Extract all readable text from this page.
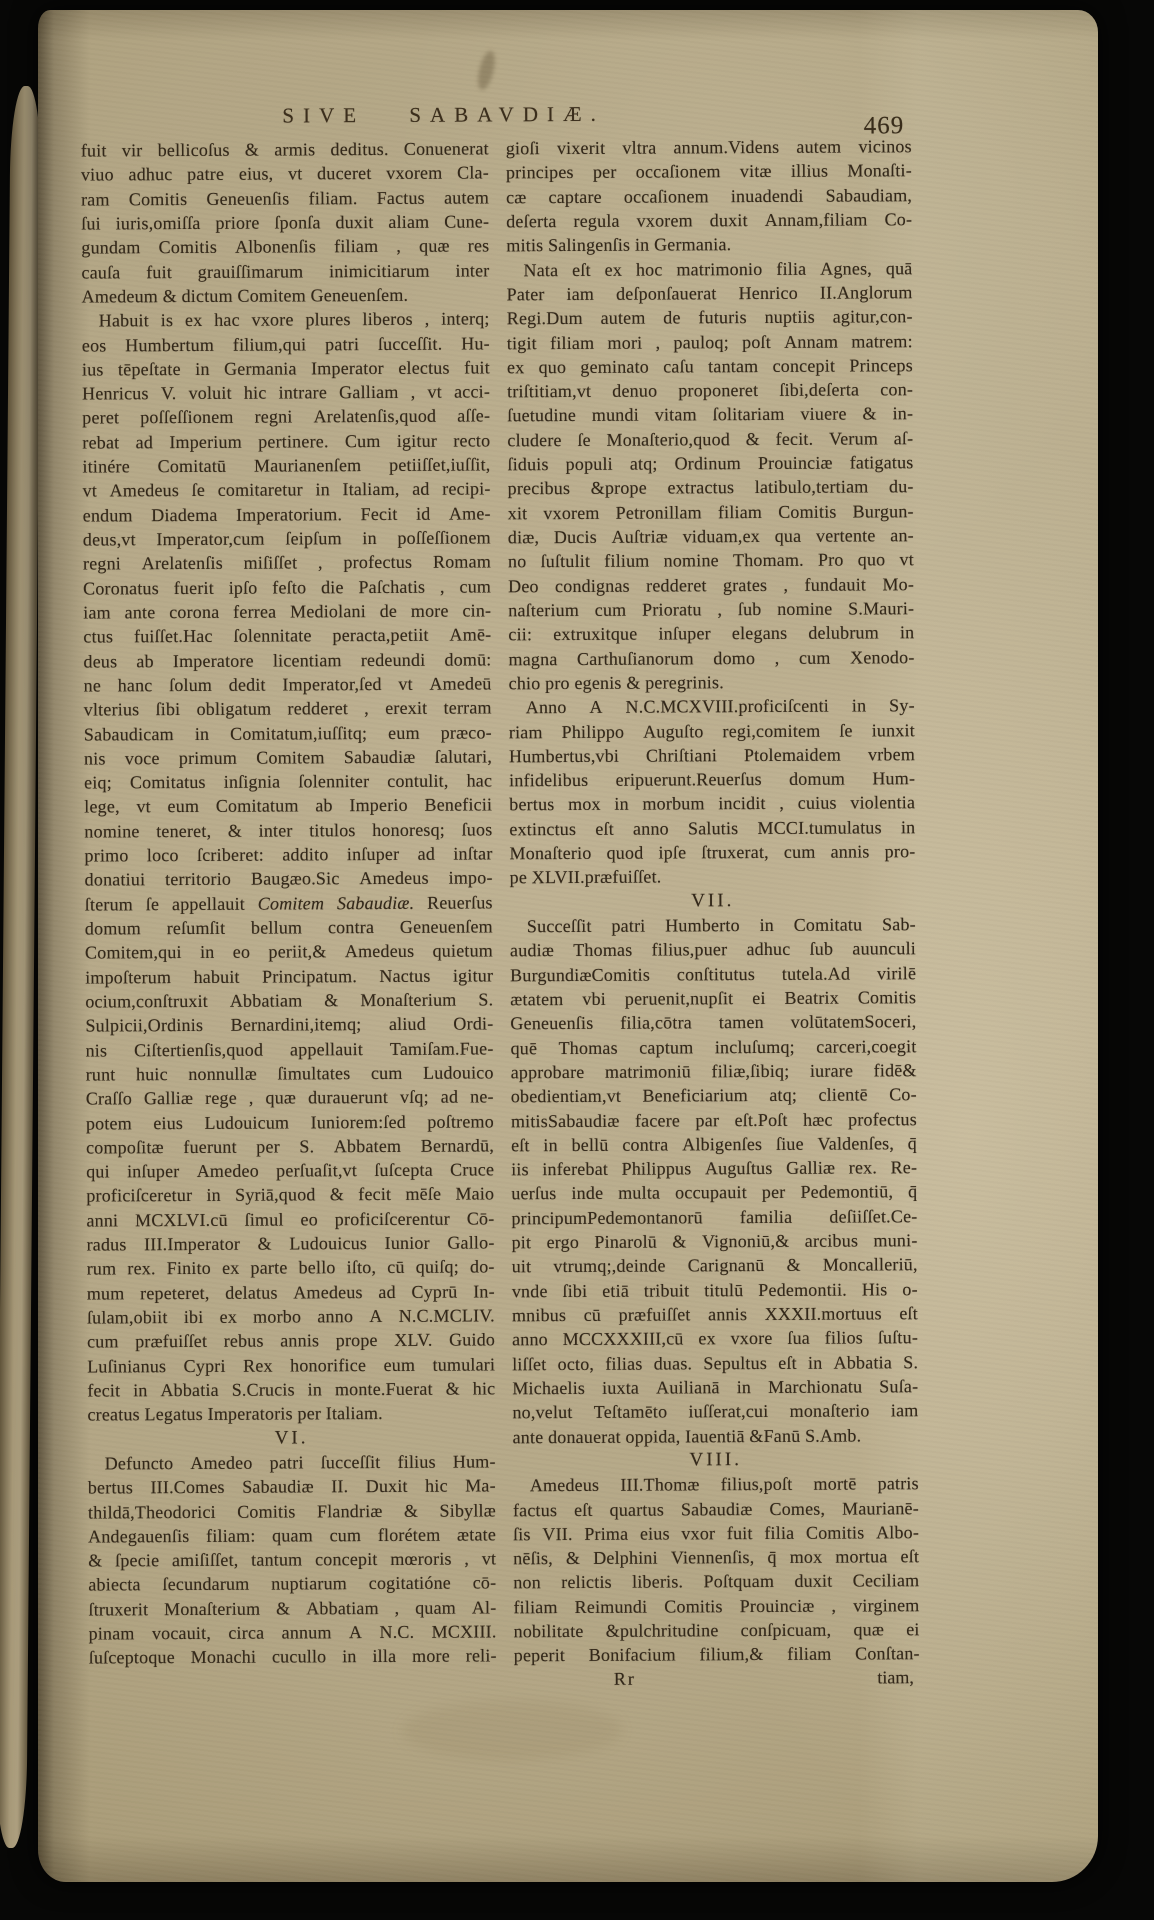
SIVE SABAVDIÆ.	469
fuit vir bellicoſus & armis deditus. Conuenerat
viuo adhuc patre eius, vt duceret vxorem Cla-
ram Comitis Geneuenſis filiam. Factus autem
ſui iuris,omiſſa priore ſponſa duxit aliam Cune-
gundam Comitis Albonenſis filiam , quæ res
cauſa fuit grauiſſimarum inimicitiarum inter
Amedeum & dictum Comitem Geneuenſem.
Habuit is ex hac vxore plures liberos , interq;
eos Humbertum filium,qui patri ſucceſſit. Hu-
ius tēpeſtate in Germania Imperator electus fuit
Henricus V. voluit hic intrare Galliam , vt acci-
peret poſſeſſionem regni Arelatenſis,quod aſſe-
rebat ad Imperium pertinere. Cum igitur recto
itinére Comitatū Maurianenſem petiiſſet,iuſſit,
vt Amedeus ſe comitaretur in Italiam, ad recipi-
endum Diadema Imperatorium. Fecit id Ame-
deus,vt Imperator,cum ſeipſum in poſſeſſionem
regni Arelatenſis miſiſſet , profectus Romam
Coronatus fuerit ipſo feſto die Paſchatis , cum
iam ante corona ferrea Mediolani de more cin-
ctus fuiſſet.Hac ſolennitate peracta,petiit Amē-
deus ab Imperatore licentiam redeundi domū:
ne hanc ſolum dedit Imperator,ſed vt Amedeū
vlterius ſibi obligatum redderet , erexit terram
Sabaudicam in Comitatum,iuſſitq; eum præco-
nis voce primum Comitem Sabaudiæ ſalutari,
eiq; Comitatus inſignia ſolenniter contulit, hac
lege, vt eum Comitatum ab Imperio Beneficii
nomine teneret, & inter titulos honoresq; ſuos
primo loco ſcriberet: addito inſuper ad inſtar
donatiui territorio Baugæo.Sic Amedeus impo-
ſterum ſe appellauit Comitem Sabaudiæ. Reuerſus
domum reſumſit bellum contra Geneuenſem
Comitem,qui in eo periit,& Amedeus quietum
impoſterum habuit Principatum. Nactus igitur
ocium,conſtruxit Abbatiam & Monaſterium S.
Sulpicii,Ordinis Bernardini,itemq; aliud Ordi-
nis Ciſtertienſis,quod appellauit Tamiſam.Fue-
runt huic nonnullæ ſimultates cum Ludouico
Craſſo Galliæ rege , quæ durauerunt vſq; ad ne-
potem eius Ludouicum Iuniorem:ſed poſtremo
compoſitæ fuerunt per S. Abbatem Bernardū,
qui inſuper Amedeo perſuaſit,vt ſuſcepta Cruce
proficiſceretur in Syriā,quod & fecit mēſe Maio
anni MCXLVI.cū ſimul eo proficiſcerentur Cō-
radus III.Imperator & Ludouicus Iunior Gallo-
rum rex. Finito ex parte bello iſto, cū quiſq; do-
mum repeteret, delatus Amedeus ad Cyprū In-
ſulam,obiit ibi ex morbo anno A N.C.MCLIV.
cum præfuiſſet rebus annis prope XLV. Guido
Luſinianus Cypri Rex honorifice eum tumulari
fecit in Abbatia S.Crucis in monte.Fuerat & hic
creatus Legatus Imperatoris per Italiam.
VI.
Defuncto Amedeo patri ſucceſſit filius Hum-
bertus III.Comes Sabaudiæ II. Duxit hic Ma-
thildā,Theodorici Comitis Flandriæ & Sibyllæ
Andegauenſis filiam: quam cum florétem ætate
& ſpecie amiſiſſet, tantum concepit mœroris , vt
abiecta ſecundarum nuptiarum cogitatióne cō-
ſtruxerit Monaſterium & Abbatiam , quam Al-
pinam vocauit, circa annum A N.C. MCXIII.
ſuſceptoque Monachi cucullo in illa more reli-
gioſi vixerit vltra annum.Videns autem vicinos
principes per occaſionem vitæ illius Monaſti-
cæ captare occaſionem inuadendi Sabaudiam,
deſerta regula vxorem duxit Annam,filiam Co-
mitis Salingenſis in Germania.
Nata eſt ex hoc matrimonio filia Agnes, quā
Pater iam deſponſauerat Henrico II.Anglorum
Regi.Dum autem de futuris nuptiis agitur,con-
tigit filiam mori , pauloq; poſt Annam matrem:
ex quo geminato caſu tantam concepit Princeps
triſtitiam,vt denuo proponeret ſibi,deſerta con-
ſuetudine mundi vitam ſolitariam viuere & in-
cludere ſe Monaſterio,quod & fecit. Verum aſ-
ſiduis populi atq; Ordinum Prouinciæ fatigatus
precibus &prope extractus latibulo,tertiam du-
xit vxorem Petronillam filiam Comitis Burgun-
diæ, Ducis Auſtriæ viduam,ex qua vertente an-
no ſuſtulit filium nomine Thomam. Pro quo vt
Deo condignas redderet grates , fundauit Mo-
naſterium cum Prioratu , ſub nomine S.Mauri-
cii: extruxitque inſuper elegans delubrum in
magna Carthuſianorum domo , cum Xenodo-
chio pro egenis & peregrinis.
Anno A N.C.MCXVIII.proficiſcenti in Sy-
riam Philippo Auguſto regi,comitem ſe iunxit
Humbertus,vbi Chriſtiani Ptolemaidem vrbem
infidelibus eripuerunt.Reuerſus domum Hum-
bertus mox in morbum incidit , cuius violentia
extinctus eſt anno Salutis MCCI.tumulatus in
Monaſterio quod ipſe ſtruxerat, cum annis pro-
pe XLVII.præfuiſſet.
VII.
Succeſſit patri Humberto in Comitatu Sab-
audiæ Thomas filius,puer adhuc ſub auunculi
BurgundiæComitis conſtitutus tutela.Ad virilē
ætatem vbi peruenit,nupſit ei Beatrix Comitis
Geneuenſis filia,cōtra tamen volūtatemSoceri,
quē Thomas captum incluſumq; carceri,coegit
approbare matrimoniū filiæ,ſibiq; iurare fidē&
obedientiam,vt Beneficiarium atq; clientē Co-
mitisSabaudiæ facere par eſt.Poſt hæc profectus
eſt in bellū contra Albigenſes ſiue Valdenſes, q̄
iis inferebat Philippus Auguſtus Galliæ rex. Re-
uerſus inde multa occupauit per Pedemontiū, q̄
principumPedemontanorū familia deſiiſſet.Ce-
pit ergo Pinarolū & Vignoniū,& arcibus muni-
uit vtrumq;,deinde Carignanū & Moncalleriū,
vnde ſibi etiā tribuit titulū Pedemontii. His o-
mnibus cū præfuiſſet annis XXXII.mortuus eſt
anno MCCXXXIII,cū ex vxore ſua filios ſuſtu-
liſſet octo, filias duas. Sepultus eſt in Abbatia S.
Michaelis iuxta Auilianā in Marchionatu Suſa-
no,velut Teſtamēto iuſſerat,cui monaſterio iam
ante donauerat oppida, Iauentiā &Fanū S.Amb.
VIII.
Amedeus III.Thomæ filius,poſt mortē patris
factus eſt quartus Sabaudiæ Comes, Maurianē-
ſis VII. Prima eius vxor fuit filia Comitis Albo-
nēſis, & Delphini Viennenſis, q̄ mox mortua eſt
non relictis liberis. Poſtquam duxit Ceciliam
filiam Reimundi Comitis Prouinciæ , virginem
nobilitate &pulchritudine conſpicuam, quæ ei
peperit Bonifacium filium,& filiam Conſtan-
Rr	tiam,
